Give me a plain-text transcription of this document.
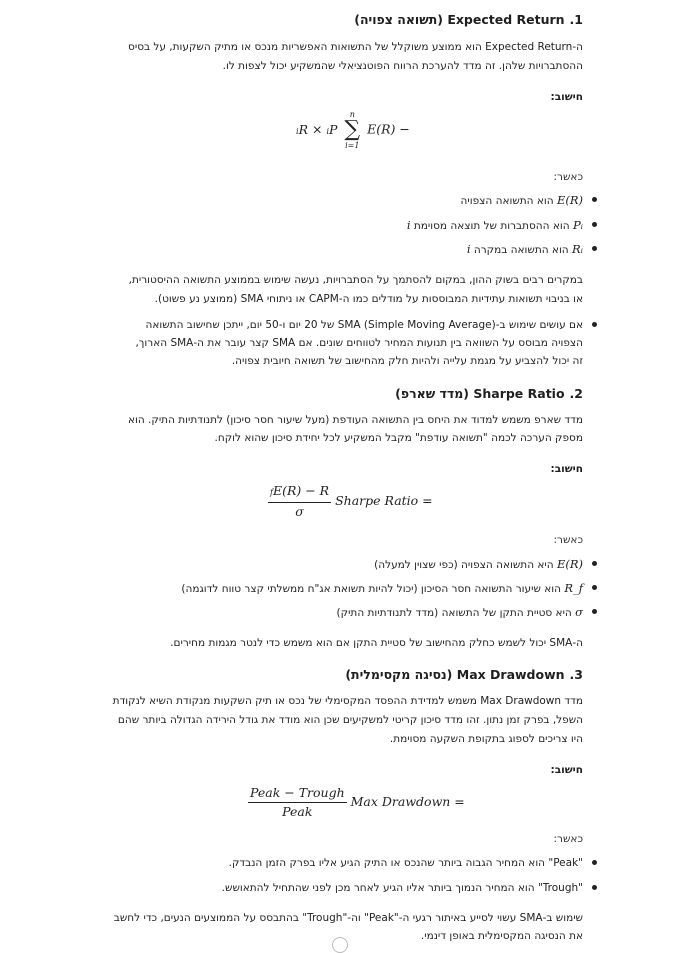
1.Expected Return (תשואה צפויה)
ה-Expected Return הוא ממוצע משוקלל של התשואות האפשריות מנכס או מתיק השקעות, על בסיס
ההסתברויות שלהן. זה מדד להערכת הרווח הפוטנציאלי שהמשקיע יכול לצפות לו.
חישוב:
iR × iP
n
∑
i=1
E(R) −
כאשר:
E(R) הוא התשואה הצפויה
Pᵢ הוא ההסתברות של תוצאה מסוימת i
Rᵢ הוא התשואה במקרה i
במקרים רבים בשוק ההון, במקום להסתמך על הסתברויות, נעשה שימוש בממוצע התשואה ההיסטורית,
או בניבוי תשואות עתידיות המבוססות על מודלים כמו ה-CAPM או ניתוחי SMA (ממוצע נע פשוט).
אם עושים שימוש ב-SMA (Simple Moving Average) של 20 יום ו-50 יום, ייתכן שחישוב התשואה
הצפויה מבוסס על השוואה בין תנועות המחיר לטווחים שונים. אם SMA קצר עובר את ה-SMA הארוך,
זה יכול להצביע על מגמת עלייה ולהיות חלק מהחישוב של תשואה חיובית צפויה.
2.Sharpe Ratio (מדד שארפ)
מדד שארפ משמש למדוד את היחס בין התשואה העודפת (מעל שיעור חסר סיכון) לתנודתיות התיק. הוא
מספק הערכה לכמה "תשואה עודפת" מקבל המשקיע לכל יחידת סיכון שהוא לוקח.
חישוב:
$\frac{fE(R) - R}{\sigma}$ Sharpe Ratio =
כאשר:
E(R) היא התשואה הצפויה (כפי שצוין למעלה)
R_f הוא שיעור התשואה חסר הסיכון (יכול להיות תשואת אג"ח ממשלתי קצר טווח לדוגמה)
σ היא סטיית התקן של התשואה (מדד לתנודתיות התיק)
ה-SMA יכול לשמש כחלק מהחישוב של סטיית התקן אם הוא משמש כדי לנטר מגמות מחירים.
3.Max Drawdown (נסיגה מקסימלית)
מדד Max Drawdown משמש למדידת ההפסד המקסימלי של נכס או תיק השקעות מנקודת השיא לנקודת
השפל, בפרק זמן נתון. זהו מדד סיכון קריטי למשקיעים שכן הוא מודד את גודל הירידה הגדולה ביותר שהם
היו צריכים לספוג בתקופת השקעה מסוימת.
חישוב:
$\frac{\text{Peak − Trough}}{\text{Peak}}$ Max Drawdown =
כאשר:
"Peak" הוא המחיר הגבוה ביותר שהנכס או התיק הגיע אליו בפרק הזמן הנבדק.
"Trough" הוא המחיר הנמוך ביותר אליו הגיע לאחר מכן לפני שהתחיל להתאושש.
שימוש ב-SMA עשוי לסייע באיתור רגעי ה-"Peak" וה-"Trough" בהתבסס על הממוצעים הנעים, כדי לחשב
את הנסיגה המקסימלית באופן דינמי.
